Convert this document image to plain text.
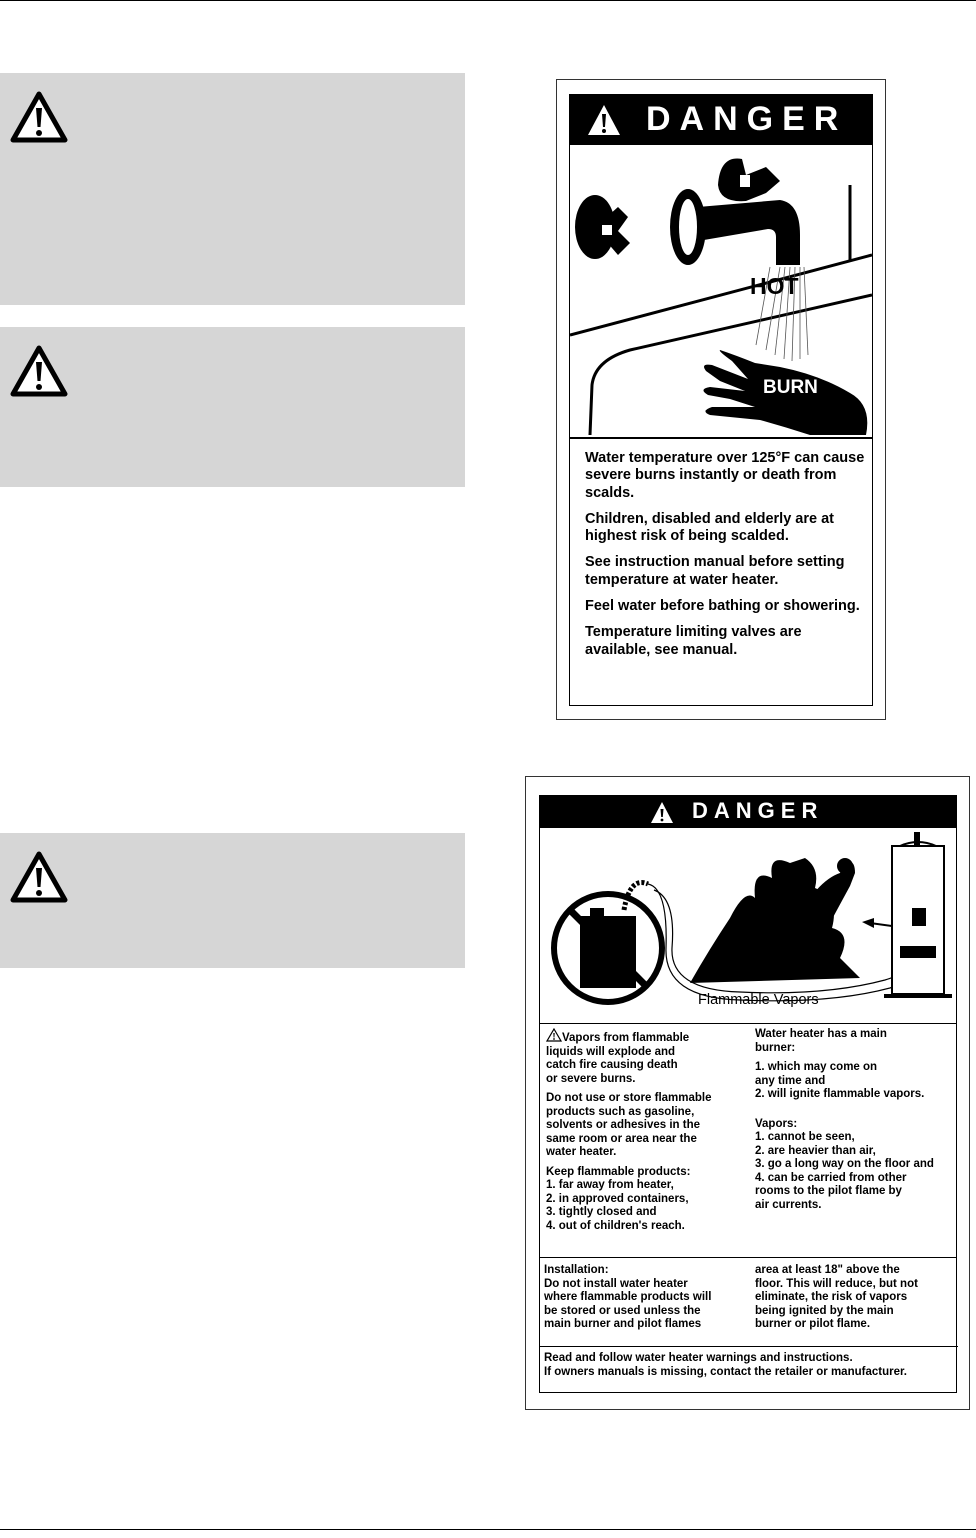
DANGER
HOT
BURN

Water temperature over 125°F can cause severe burns instantly or death from scalds.

Children, disabled and elderly are at highest risk of being scalded.

See instruction manual before setting temperature at water heater.

Feel water before bathing or showering.

Temperature limiting valves are available, see manual.

DANGER
Flammable Vapors

Vapors from flammable
liquids will explode and
catch fire causing death
or severe burns.

Do not use or store flammable
products such as gasoline,
solvents or adhesives in the
same room or area near the
water heater.

Keep flammable products:

1. far away from heater,
2. in approved containers,
3. tightly closed and
4. out of children's reach.

Water heater has a main
burner:

1. which may come on
any time and
2. will ignite flammable vapors.

Vapors:

1. cannot be seen,
2. are heavier than air,
3. go a long way on the floor and
4. can be carried from other
rooms to the pilot flame by
air currents.

Installation:
Do not install water heater
where flammable products will
be stored or used unless the
main burner and pilot flames

area at least 18" above the
floor. This will reduce, but not
eliminate, the risk of vapors
being ignited by the main
burner or pilot flame.

Read and follow water heater warnings and instructions.
If owners manuals is missing, contact the retailer or manufacturer.
